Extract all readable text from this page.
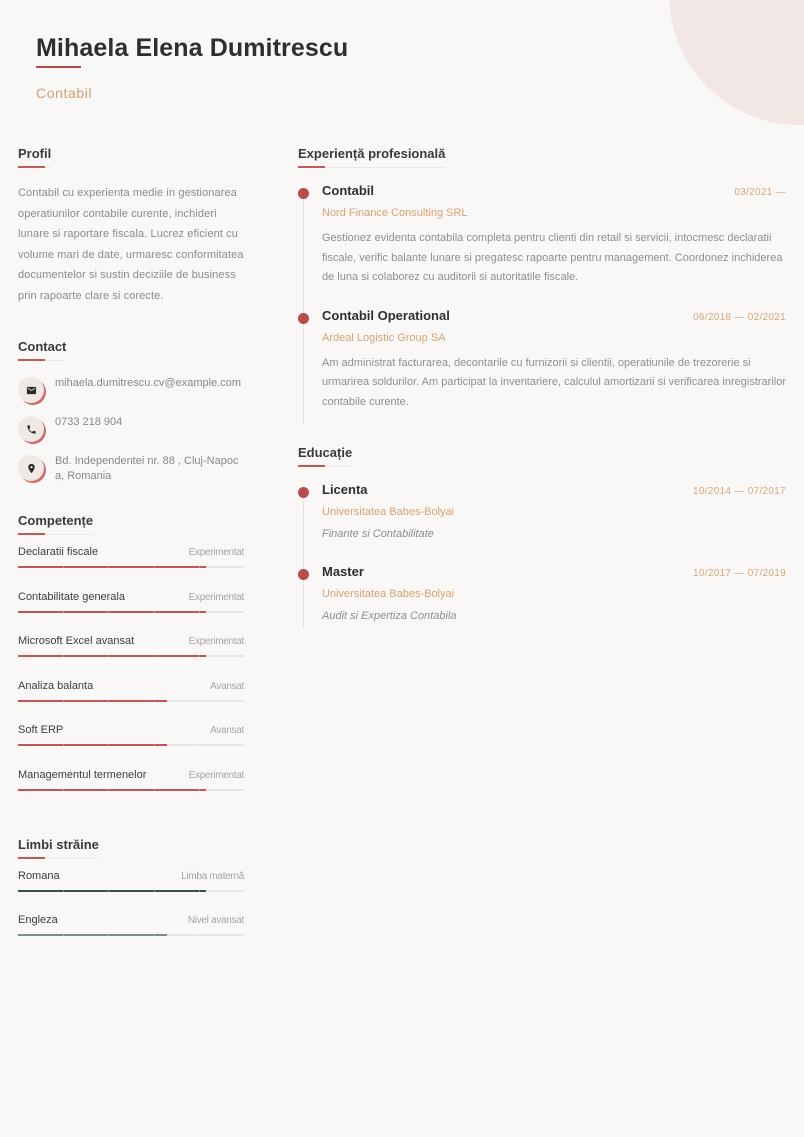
Mihaela Elena Dumitrescu
Contabil
Profil

Contabil cu experienta medie in gestionarea operatiunilor contabile curente, inchideri lunare si raportare fiscala. Lucrez eficient cu volume mari de date, urmaresc conformitatea documentelor si sustin deciziile de business prin rapoarte clare si corecte.

Contact
mihaela.dumitrescu.cv@example.com
0733 218 904
Bd. Independentei nr. 88 , Cluj-Napoca, Romania
Competențe
Declaratii fiscale	Experimentat
Contabilitate generala	Experimentat
Microsoft Excel avansat	Experimentat
Analiza balanta	Avansat
Soft ERP	Avansat
Managementul termenelor	Experimentat
Limbi străine
Romana	Limba maternă
Engleza	Nivel avansat
Experiență profesională
Contabil	03/2021 —
Nord Finance Consulting SRL

Gestionez evidenta contabila completa pentru clienti din retail si servicii, intocmesc declaratii fiscale, verific balante lunare si pregatesc rapoarte pentru management. Coordonez inchiderea de luna si colaborez cu auditorii si autoritatile fiscale.

Contabil Operational	06/2018 — 02/2021
Ardeal Logistic Group SA

Am administrat facturarea, decontarile cu furnizorii si clientii, operatiunile de trezorerie si urmarirea soldurilor. Am participat la inventariere, calculul amortizarii si verificarea inregistrarilor contabile curente.

Educație
Licenta	10/2014 — 07/2017
Universitatea Babes-Bolyai
Finante si Contabilitate
Master	10/2017 — 07/2019
Universitatea Babes-Bolyai
Audit si Expertiza Contabila
